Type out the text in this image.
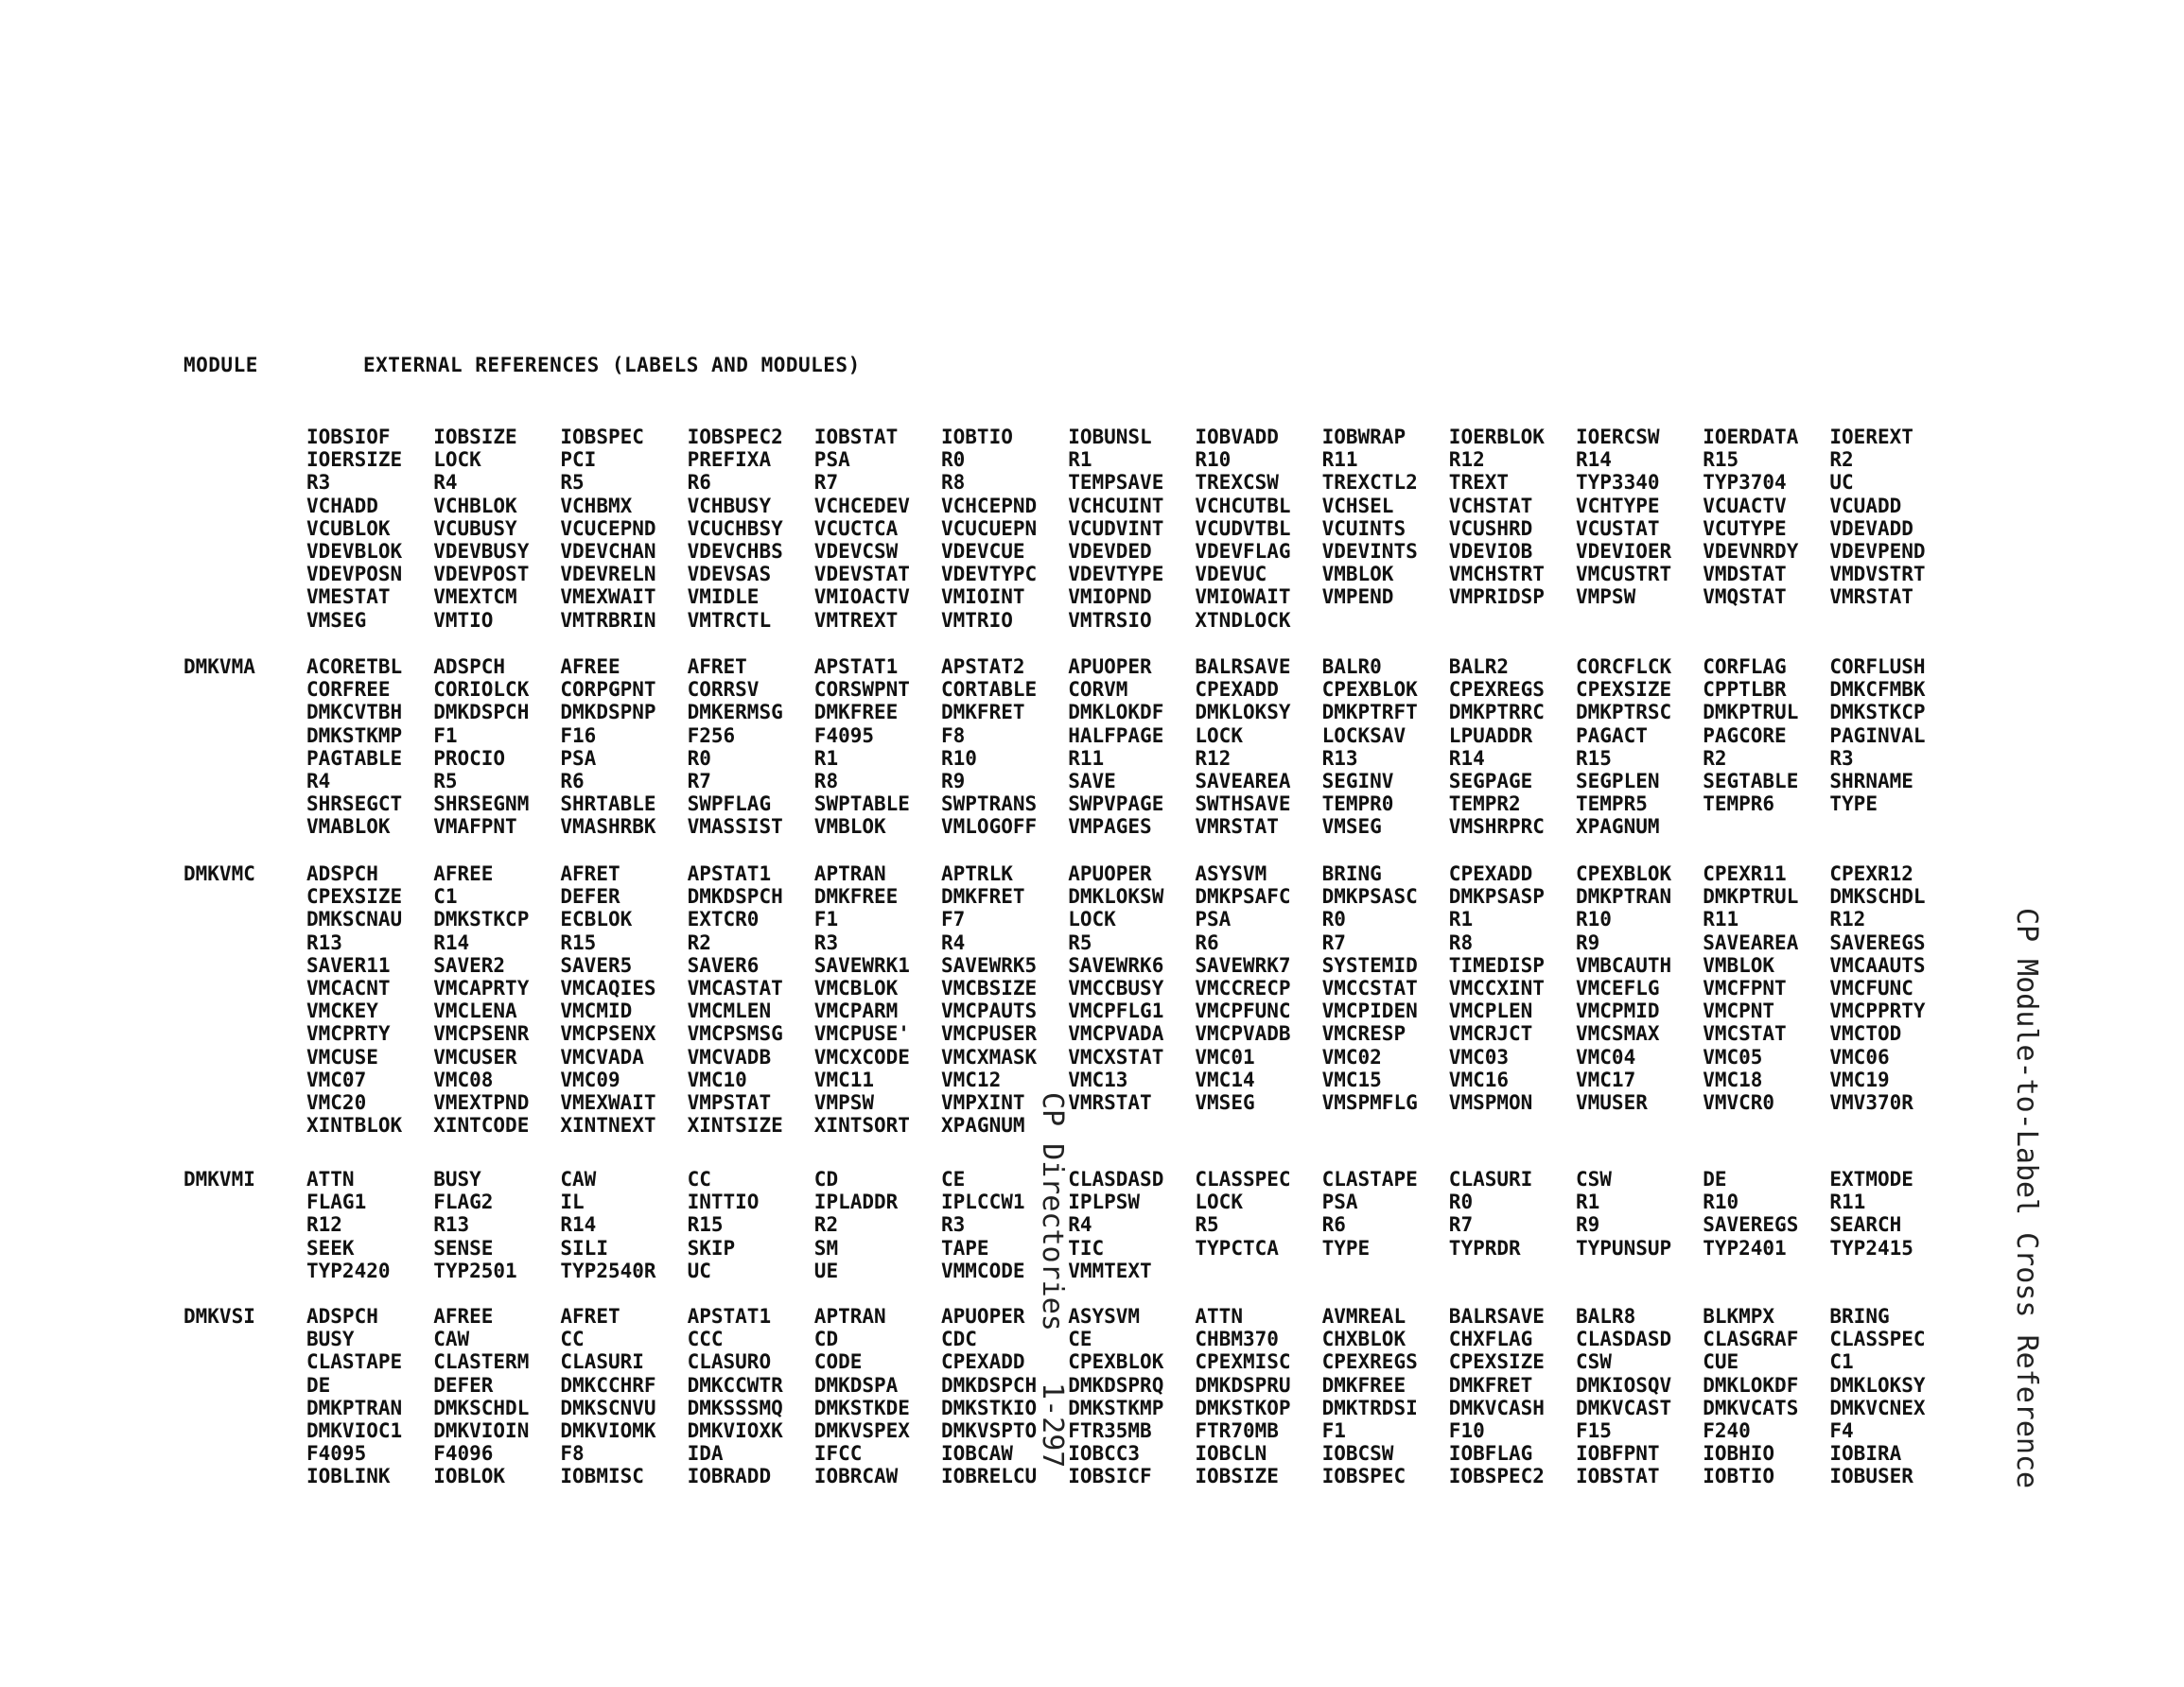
MODULE	EXTERNAL REFERENCES (LABELS AND MODULES)
IOBSIOF	IOBSIZE	IOBSPEC	IOBSPEC2	IOBSTAT	IOBTIO	IOBUNSL	IOBVADD	IOBWRAP	IOERBLOK	IOERCSW	IOERDATA	IOEREXT
IOERSIZE	LOCK	PCI	PREFIXA	PSA	R0	R1	R10	R11	R12	R14	R15	R2
R3	R4	R5	R6	R7	R8	TEMPSAVE	TREXCSW	TREXCTL2	TREXT	TYP3340	TYP3704	UC
VCHADD	VCHBLOK	VCHBMX	VCHBUSY	VCHCEDEV	VCHCEPND	VCHCUINT	VCHCUTBL	VCHSEL	VCHSTAT	VCHTYPE	VCUACTV	VCUADD
VCUBLOK	VCUBUSY	VCUCEPND	VCUCHBSY	VCUCTCA	VCUCUEPN	VCUDVINT	VCUDVTBL	VCUINTS	VCUSHRD	VCUSTAT	VCUTYPE	VDEVADD
VDEVBLOK	VDEVBUSY	VDEVCHAN	VDEVCHBS	VDEVCSW	VDEVCUE	VDEVDED	VDEVFLAG	VDEVINTS	VDEVIOB	VDEVIOER	VDEVNRDY	VDEVPEND
VDEVPOSN	VDEVPOST	VDEVRELN	VDEVSAS	VDEVSTAT	VDEVTYPC	VDEVTYPE	VDEVUC	VMBLOK	VMCHSTRT	VMCUSTRT	VMDSTAT	VMDVSTRT
VMESTAT	VMEXTCM	VMEXWAIT	VMIDLE	VMIOACTV	VMIOINT	VMIOPND	VMIOWAIT	VMPEND	VMPRIDSP	VMPSW	VMQSTAT	VMRSTAT
VMSEG	VMTIO	VMTRBRIN	VMTRCTL	VMTREXT	VMTRIO	VMTRSIO	XTNDLOCK
DMKVMA	ACORETBL	ADSPCH	AFREE	AFRET	APSTAT1	APSTAT2	APUOPER	BALRSAVE	BALR0	BALR2	CORCFLCK	CORFLAG	CORFLUSH
CORFREE	CORIOLCK	CORPGPNT	CORRSV	CORSWPNT	CORTABLE	CORVM	CPEXADD	CPEXBLOK	CPEXREGS	CPEXSIZE	CPPTLBR	DMKCFMBK
DMKCVTBH	DMKDSPCH	DMKDSPNP	DMKERMSG	DMKFREE	DMKFRET	DMKLOKDF	DMKLOKSY	DMKPTRFT	DMKPTRRC	DMKPTRSC	DMKPTRUL	DMKSTKCP
DMKSTKMP	F1	F16	F256	F4095	F8	HALFPAGE	LOCK	LOCKSAV	LPUADDR	PAGACT	PAGCORE	PAGINVAL
PAGTABLE	PROCIO	PSA	R0	R1	R10	R11	R12	R13	R14	R15	R2	R3
R4	R5	R6	R7	R8	R9	SAVE	SAVEAREA	SEGINV	SEGPAGE	SEGPLEN	SEGTABLE	SHRNAME
SHRSEGCT	SHRSEGNM	SHRTABLE	SWPFLAG	SWPTABLE	SWPTRANS	SWPVPAGE	SWTHSAVE	TEMPR0	TEMPR2	TEMPR5	TEMPR6	TYPE
VMABLOK	VMAFPNT	VMASHRBK	VMASSIST	VMBLOK	VMLOGOFF	VMPAGES	VMRSTAT	VMSEG	VMSHRPRC	XPAGNUM
DMKVMC	ADSPCH	AFREE	AFRET	APSTAT1	APTRAN	APTRLK	APUOPER	ASYSVM	BRING	CPEXADD	CPEXBLOK	CPEXR11	CPEXR12
CPEXSIZE	C1	DEFER	DMKDSPCH	DMKFREE	DMKFRET	DMKLOKSW	DMKPSAFC	DMKPSASC	DMKPSASP	DMKPTRAN	DMKPTRUL	DMKSCHDL
DMKSCNAU	DMKSTKCP	ECBLOK	EXTCR0	F1	F7	LOCK	PSA	R0	R1	R10	R11	R12
R13	R14	R15	R2	R3	R4	R5	R6	R7	R8	R9	SAVEAREA	SAVEREGS
SAVER11	SAVER2	SAVER5	SAVER6	SAVEWRK1	SAVEWRK5	SAVEWRK6	SAVEWRK7	SYSTEMID	TIMEDISP	VMBCAUTH	VMBLOK	VMCAAUTS
VMCACNT	VMCAPRTY	VMCAQIES	VMCASTAT	VMCBLOK	VMCBSIZE	VMCCBUSY	VMCCRECP	VMCCSTAT	VMCCXINT	VMCEFLG	VMCFPNT	VMCFUNC
VMCKEY	VMCLENA	VMCMID	VMCMLEN	VMCPARM	VMCPAUTS	VMCPFLG1	VMCPFUNC	VMCPIDEN	VMCPLEN	VMCPMID	VMCPNT	VMCPPRTY
VMCPRTY	VMCPSENR	VMCPSENX	VMCPSMSG	VMCPUSE'	VMCPUSER	VMCPVADA	VMCPVADB	VMCRESP	VMCRJCT	VMCSMAX	VMCSTAT	VMCTOD
VMCUSE	VMCUSER	VMCVADA	VMCVADB	VMCXCODE	VMCXMASK	VMCXSTAT	VMC01	VMC02	VMC03	VMC04	VMC05	VMC06
VMC07	VMC08	VMC09	VMC10	VMC11	VMC12	VMC13	VMC14	VMC15	VMC16	VMC17	VMC18	VMC19
VMC20	VMEXTPND	VMEXWAIT	VMPSTAT	VMPSW	VMPXINT	VMRSTAT	VMSEG	VMSPMFLG	VMSPMON	VMUSER	VMVCR0	VMV370R
XINTBLOK	XINTCODE	XINTNEXT	XINTSIZE	XINTSORT	XPAGNUM
DMKVMI	ATTN	BUSY	CAW	CC	CD	CE	CLASDASD	CLASSPEC	CLASTAPE	CLASURI	CSW	DE	EXTMODE
FLAG1	FLAG2	IL	INTTIO	IPLADDR	IPLCCW1	IPLPSW	LOCK	PSA	R0	R1	R10	R11
R12	R13	R14	R15	R2	R3	R4	R5	R6	R7	R9	SAVEREGS	SEARCH
SEEK	SENSE	SILI	SKIP	SM	TAPE	TIC	TYPCTCA	TYPE	TYPRDR	TYPUNSUP	TYP2401	TYP2415
TYP2420	TYP2501	TYP2540R	UC	UE	VMMCODE	VMMTEXT
DMKVSI	ADSPCH	AFREE	AFRET	APSTAT1	APTRAN	APUOPER	ASYSVM	ATTN	AVMREAL	BALRSAVE	BALR8	BLKMPX	BRING
BUSY	CAW	CC	CCC	CD	CDC	CE	CHBM370	CHXBLOK	CHXFLAG	CLASDASD	CLASGRAF	CLASSPEC
CLASTAPE	CLASTERM	CLASURI	CLASURO	CODE	CPEXADD	CPEXBLOK	CPEXMISC	CPEXREGS	CPEXSIZE	CSW	CUE	C1
DE	DEFER	DMKCCHRF	DMKCCWTR	DMKDSPA	DMKDSPCH	DMKDSPRQ	DMKDSPRU	DMKFREE	DMKFRET	DMKIOSQV	DMKLOKDF	DMKLOKSY
DMKPTRAN	DMKSCHDL	DMKSCNVU	DMKSSSMQ	DMKSTKDE	DMKSTKIO	DMKSTKMP	DMKSTKOP	DMKTRDSI	DMKVCASH	DMKVCAST	DMKVCATS	DMKVCNEX
DMKVIOC1	DMKVIOIN	DMKVIOMK	DMKVIOXK	DMKVSPEX	DMKVSPTO	FTR35MB	FTR70MB	F1	F10	F15	F240	F4
F4095	F4096	F8	IDA	IFCC	IOBCAW	IOBCC3	IOBCLN	IOBCSW	IOBFLAG	IOBFPNT	IOBHIO	IOBIRA
IOBLINK	IOBLOK	IOBMISC	IOBRADD	IOBRCAW	IOBRELCU	IOBSICF	IOBSIZE	IOBSPEC	IOBSPEC2	IOBSTAT	IOBTIO	IOBUSER
CP Directories   1-297	CP Module-to-Label Cross Reference
